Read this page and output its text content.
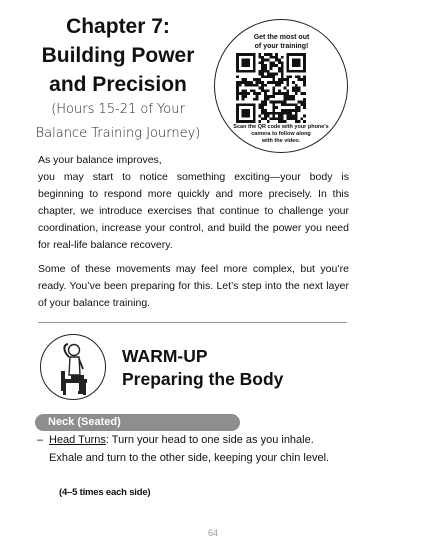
Chapter 7:
Building Power
and Precision
(Hours 15-21 of Your
Balance Training Journey)
Get the most out
of your training!
Scan the QR code with your phone's
camera to follow along
with the video.
As your balance improves,
you may start to notice something exciting—your body is beginning to respond more quickly and more precisely. In this chapter, we introduce exercises that continue to challenge your coordination, increase your control, and build the power you need for real-life balance recovery.
Some of these movements may feel more complex, but you’re ready. You’ve been preparing for this. Let’s step into the next layer of your balance training.
WARM-UP
Preparing the Body
Neck (Seated)
– Head Turns: Turn your head to one side as you inhale. Exhale and turn to the other side, keeping your chin level.
(4–5 times each side)
64
